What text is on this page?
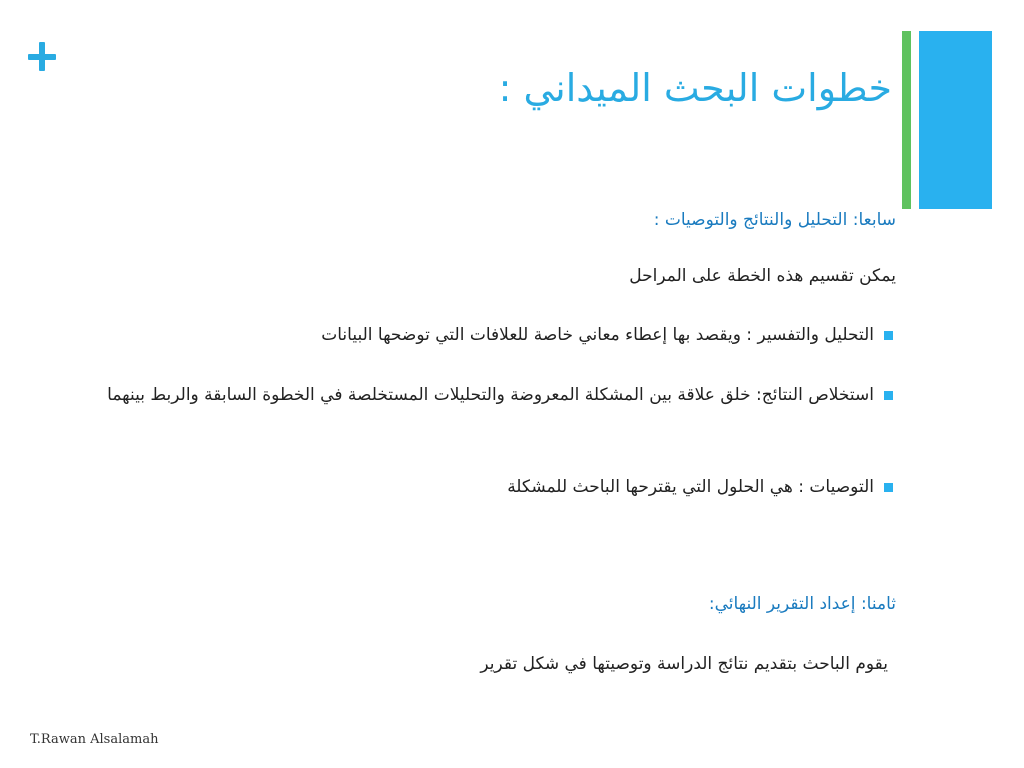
خطوات البحث الميداني :
سابعا: التحليل والنتائج والتوصيات :
يمكن تقسيم هذه الخطة على المراحل
التحليل والتفسير : ويقصد بها إعطاء معاني خاصة للعلافات التي توضحها البيانات
استخلاص النتائج: خلق علاقة بين المشكلة المعروضة والتحليلات المستخلصة في الخطوة السابقة والربط بينهما
التوصيات : هي الحلول التي يقترحها الباحث للمشكلة
ثامنا: إعداد التقرير النهائي:
يقوم الباحث بتقديم نتائج الدراسة وتوصيتها في شكل تقرير
T.Rawan Alsalamah
